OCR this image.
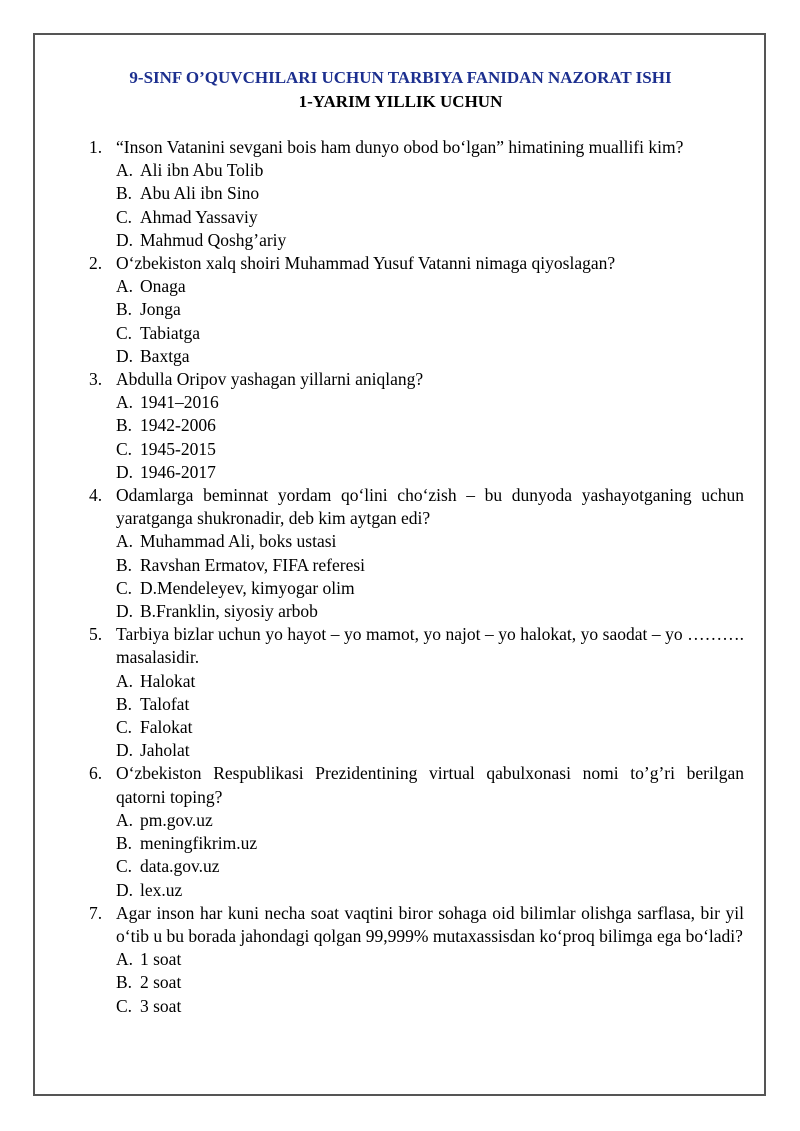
9-SINF O’QUVCHILARI UCHUN TARBIYA FANIDAN NAZORAT ISHI
1-YARIM YILLIK UCHUN
1. “Inson Vatanini sevgani bois ham dunyo obod bo‘lgan” himatining muallifi kim?
A. Ali ibn Abu Tolib
B. Abu Ali ibn Sino
C. Ahmad Yassaviy
D. Mahmud Qoshg’ariy
2. O‘zbekiston xalq shoiri Muhammad Yusuf Vatanni nimaga qiyoslagan?
A. Onaga
B. Jonga
C. Tabiatga
D. Baxtga
3. Abdulla Oripov yashagan yillarni aniqlang?
A. 1941–2016
B. 1942-2006
C. 1945-2015
D. 1946-2017
4. Odamlarga beminnat yordam qo‘lini cho‘zish – bu dunyoda yashayotganing uchun yaratganga shukronadir, deb kim aytgan edi?
A. Muhammad Ali, boks ustasi
B. Ravshan Ermatov, FIFA referesi
C. D.Mendeleyev, kimyogar olim
D. B.Franklin, siyosiy arbob
5. Tarbiya bizlar uchun yo hayot – yo mamot, yo najot – yo halokat, yo saodat – yo ………. masalasidir.
A. Halokat
B. Talofat
C. Falokat
D. Jaholat
6. O‘zbekiston Respublikasi Prezidentining virtual qabulxonasi nomi to’g’ri berilgan qatorni toping?
A. pm.gov.uz
B. meningfikrim.uz
C. data.gov.uz
D. lex.uz
7. Agar inson har kuni necha soat vaqtini biror sohaga oid bilimlar olishga sarflasa, bir yil o‘tib u bu borada jahondagi qolgan 99,999% mutaxassisdan ko‘proq bilimga ega bo‘ladi?
A. 1 soat
B. 2 soat
C. 3 soat
